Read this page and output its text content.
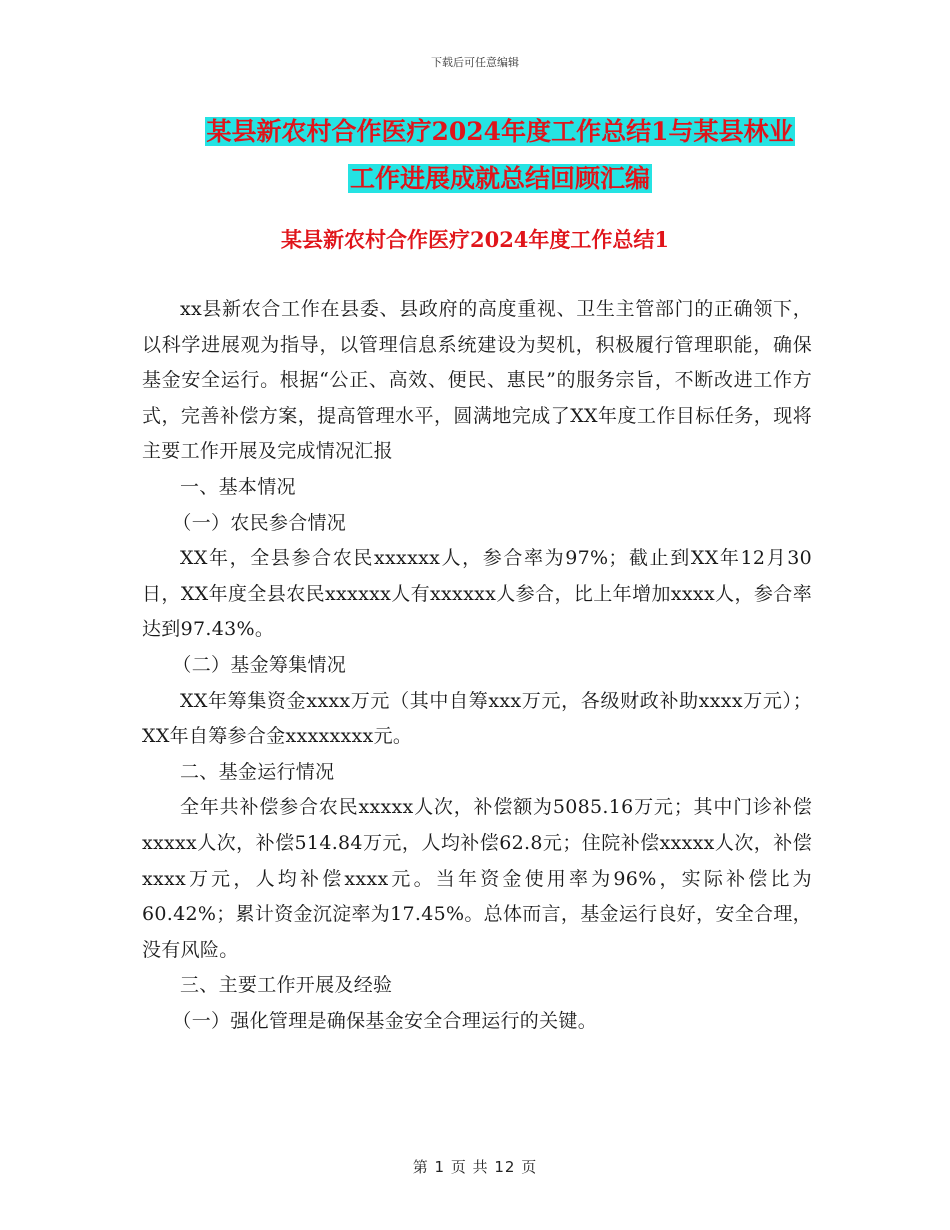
下载后可任意编辑
某县新农村合作医疗2024年度工作总结1与某县林业
工作进展成就总结回顾汇编
某县新农村合作医疗2024年度工作总结1

xx县新农合工作在县委、县政府的高度重视、卫生主管部门的正确领下，以科学进展观为指导，以管理信息系统建设为契机，积极履行管理职能，确保基金安全运行。根据“公正、高效、便民、惠民”的服务宗旨，不断改进工作方式，完善补偿方案，提高管理水平，圆满地完成了XX年度工作目标任务，现将主要工作开展及完成情况汇报

一、基本情况

（一）农民参合情况

XX年，全县参合农民xxxxxx人，参合率为97%；截止到XX年12月30日，XX年度全县农民xxxxxx人有xxxxxx人参合，比上年增加xxxx人，参合率达到97.43%。

（二）基金筹集情况

XX年筹集资金xxxx万元（其中自筹xxx万元，各级财政补助xxxx万元）；XX年自筹参合金xxxxxxxx元。

二、基金运行情况

全年共补偿参合农民xxxxx人次，补偿额为5085.16万元；其中门诊补偿xxxxx人次，补偿514.84万元，人均补偿62.8元；住院补偿xxxxx人次，补偿xxxx万元，人均补偿xxxx元。当年资金使用率为96%，实际补偿比为60.42%；累计资金沉淀率为17.45%。总体而言，基金运行良好，安全合理，没有风险。

三、主要工作开展及经验

（一）强化管理是确保基金安全合理运行的关键。

第 1 页 共 12 页
